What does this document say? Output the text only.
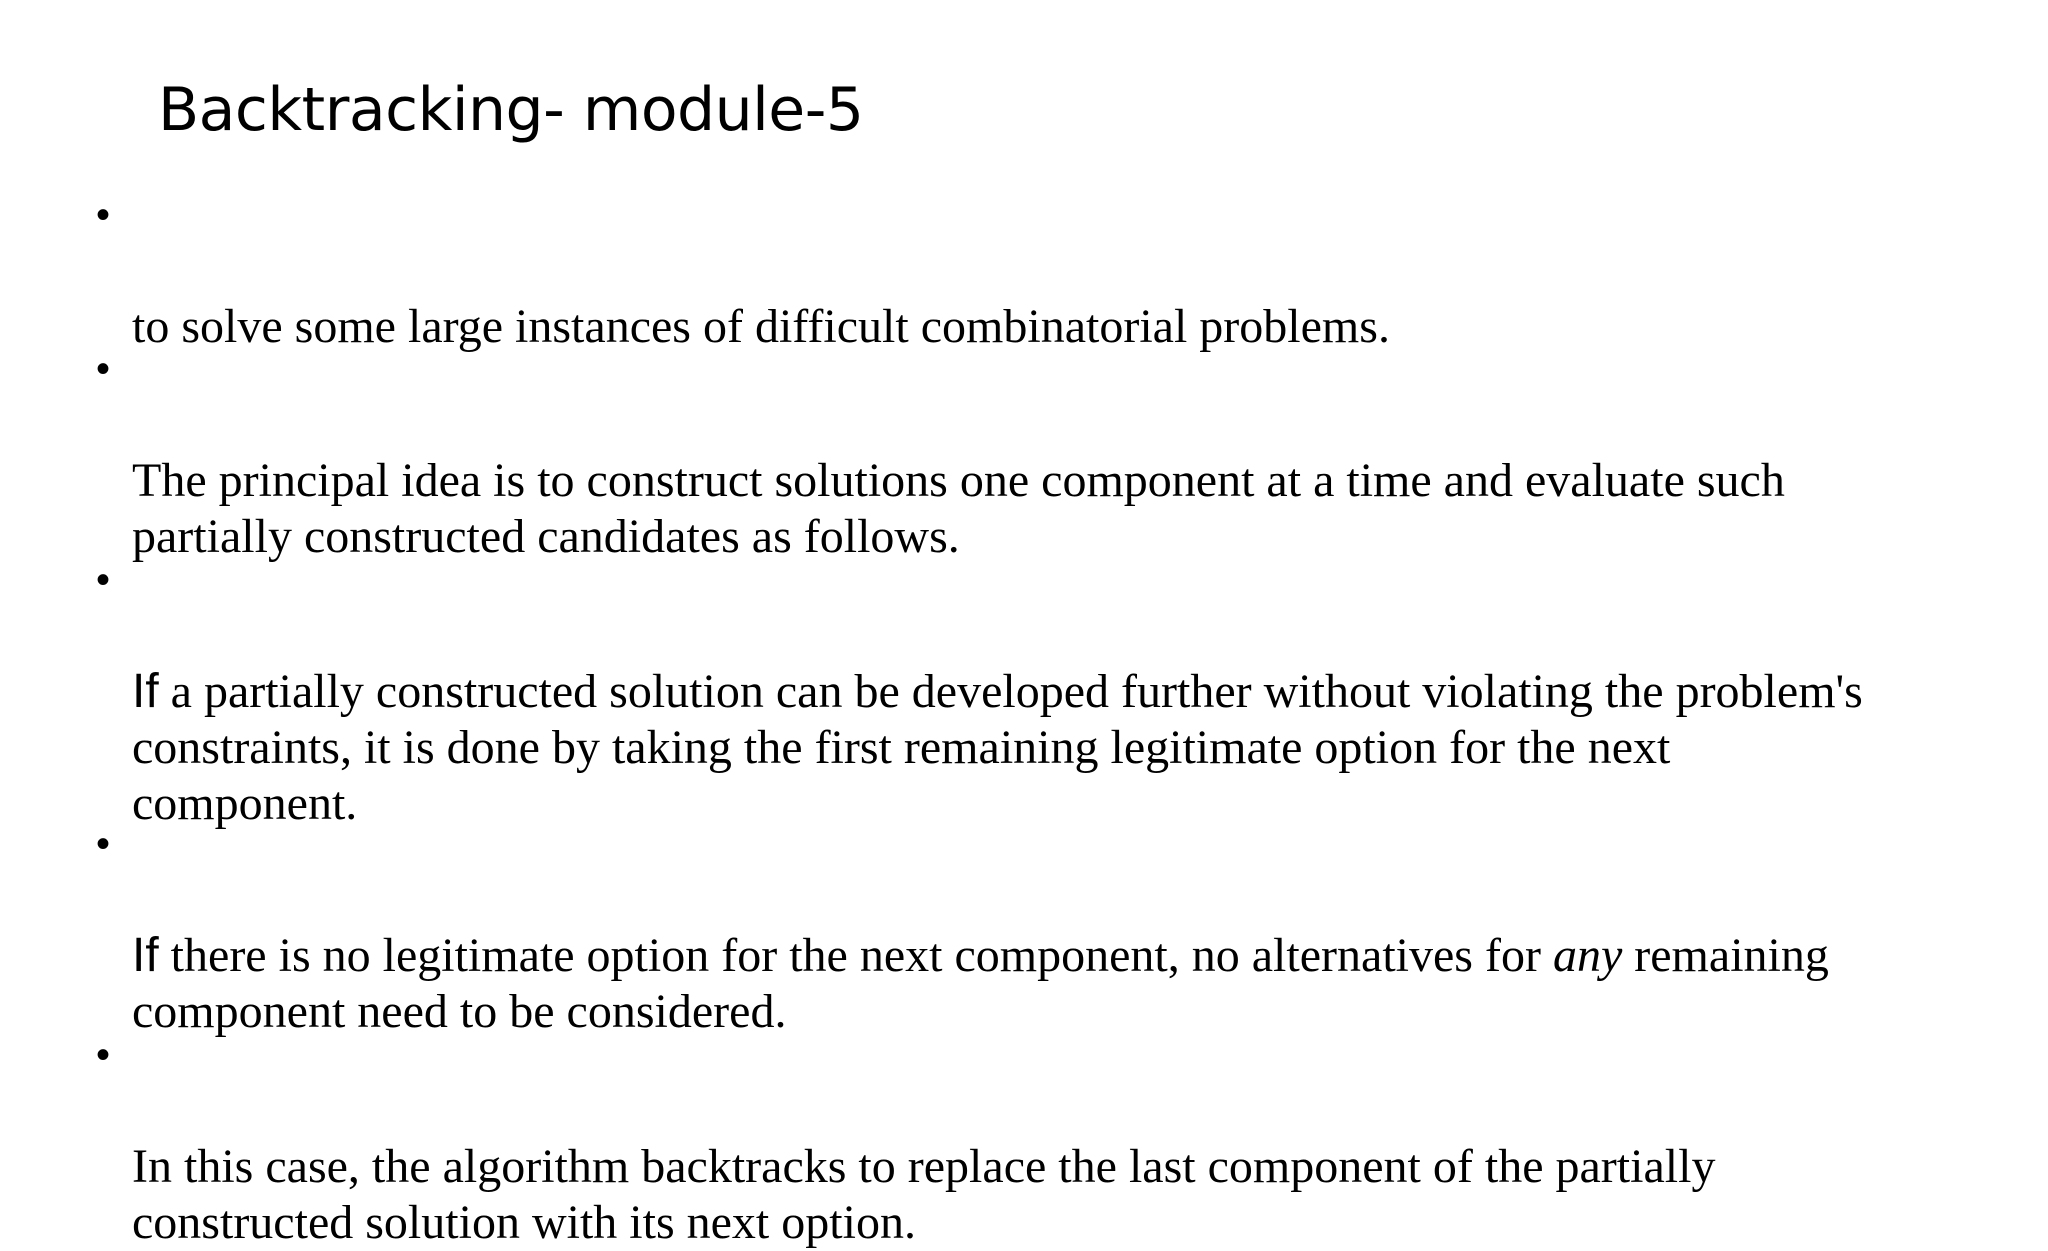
Backtracking- module-5

•

to solve some large instances of difficult combinatorial problems.

•

The principal idea is to construct solutions one component at a time and evaluate such
partially constructed candidates as follows.

•

If a partially constructed solution can be developed further without violating the problem's
constraints, it is done by taking the first remaining legitimate option for the next
component.

•

If there is no legitimate option for the next component, no alternatives for any remaining
component need to be considered.

•

In this case, the algorithm backtracks to replace the last component of the partially
constructed solution with its next option.
